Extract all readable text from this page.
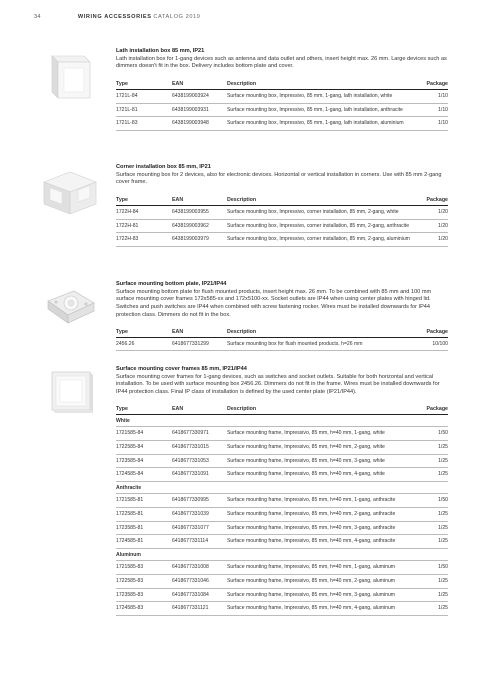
34	WIRING ACCESSORIES CATALOG 2019
Lath installation box 85 mm, IP21
Lath installation box for 1-gang devices such as antenna and data outlet and others, insert height max. 26 mm. Large devices such as dimmers doesn't fit in the box. Delivery includes bottom plate and cover.
Type	EAN	Description	Package
1721L-84	6438199003924	Surface mounting box, Impressivo, 85 mm, 1-gang, lath installation, white	1/10
1721L-81	6438199003931	Surface mounting box, Impressivo, 85 mm, 1-gang, lath installation, anthracite	1/10
1721L-83	6438199003948	Surface mounting box, Impressivo, 85 mm, 1-gang, lath installation, aluminium	1/10
Corner installation box 85 mm, IP21
Surface mounting box for 2 devices, also for electronic devices. Horizontal or vertical installation in corners. Use with 85 mm 2-gang cover frame.
Type	EAN	Description	Package
1722H-84	6438199003955	Surface mounting box, Impressivo, corner installation, 85 mm, 2-gang, white	1/20
1722H-81	6438199003962	Surface mounting box, Impressivo, corner installation, 85 mm, 2-gang, anthracite	1/20
1722H-83	6438199003979	Surface mounting box, Impressivo, corner installation, 85 mm, 2-gang, aluminium	1/20
Surface mounting bottom plate, IP21/IP44
Surface mounting bottom plate for flush mounted products, insert height max. 26 mm. To be combined with 85 mm and 100 mm surface mounting cover frames 172x585-xx and 172x5100-xx. Socket outlets are IP44 when using center plates with hinged lid. Switches and push switches are IP44 when combined with screw fastening rocker. Wires must be installed downwards for IP44 protection class. Dimmers do not fit in the box.
Type	EAN	Description	Package
2456.26	6418677331299	Surface mounting box for flush mounted products, h=26 mm	10/100
Surface mounting cover frames 85 mm, IP21/IP44
Surface mounting cover frames for 1-gang devices, such as switches and socket outlets. Suitable for both horizontal and vertical installation. To be used with surface mounting box 2456.26. Dimmers do not fit in the frame. Wires must be installed downwards for IP44 protection class. Final IP class of installation is defined by the used center plate (IP21/IP44).
Type	EAN	Description	Package
White			
1721585-84	6418677330971	Surface mounting frame, Impressivo, 85 mm, h=40 mm, 1-gang, white	1/50
1722585-84	6418677331015	Surface mounting frame, Impressivo, 85 mm, h=40 mm, 2-gang, white	1/25
1723585-84	6418677331053	Surface mounting frame, Impressivo, 85 mm, h=40 mm, 3-gang, white	1/25
1724585-84	6418677331091	Surface mounting frame, Impressivo, 85 mm, h=40 mm, 4-gang, white	1/25
Anthracite			
1721585-81	6418677330995	Surface mounting frame, Impressivo, 85 mm, h=40 mm, 1-gang, anthracite	1/50
1722585-81	6418677331039	Surface mounting frame, Impressivo, 85 mm, h=40 mm, 2-gang, anthracite	1/25
1723585-81	6418677331077	Surface mounting frame, Impressivo, 85 mm, h=40 mm, 3-gang, anthracite	1/25
1724585-81	6418677331114	Surface mounting frame, Impressivo, 85 mm, h=40 mm, 4-gang, anthracite	1/25
Aluminum			
1721585-83	6418677331008	Surface mounting frame, Impressivo, 85 mm, h=40 mm, 1-gang, aluminum	1/50
1722585-83	6418677331046	Surface mounting frame, Impressivo, 85 mm, h=40 mm, 2-gang, aluminum	1/25
1723585-83	6418677331084	Surface mounting frame, Impressivo, 85 mm, h=40 mm, 3-gang, aluminum	1/25
1724585-83	6418677331121	Surface mounting frame, Impressivo, 85 mm, h=40 mm, 4-gang, aluminum	1/25
